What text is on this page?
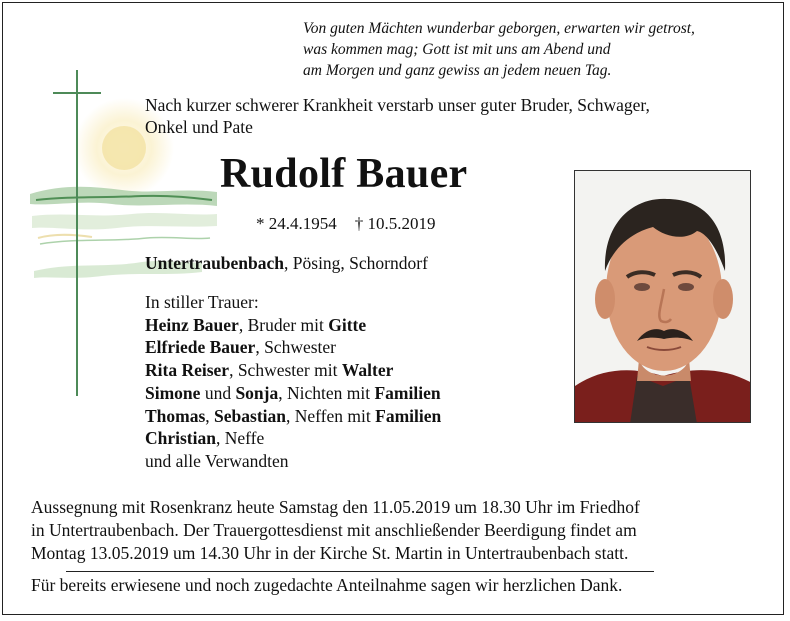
Von guten Mächten wunderbar geborgen, erwarten wir getrost,
was kommen mag; Gott ist mit uns am Abend und
am Morgen und ganz gewiss an jedem neuen Tag.
Nach kurzer schwerer Krankheit verstarb unser guter Bruder, Schwager,
Onkel und Pate
Rudolf Bauer
* 24.4.1954 † 10.5.2019
Untertraubenbach, Pösing, Schorndorf
In stiller Trauer:
Heinz Bauer, Bruder mit Gitte
Elfriede Bauer, Schwester
Rita Reiser, Schwester mit Walter
Simone und Sonja, Nichten mit Familien
Thomas, Sebastian, Neffen mit Familien
Christian, Neffe
und alle Verwandten
Aussegnung mit Rosenkranz heute Samstag den 11.05.2019 um 18.30 Uhr im Friedhof
in Untertraubenbach. Der Trauergottesdienst mit anschließender Beerdigung findet am
Montag 13.05.2019 um 14.30 Uhr in der Kirche St. Martin in Untertraubenbach statt.
Für bereits erwiesene und noch zugedachte Anteilnahme sagen wir herzlichen Dank.
